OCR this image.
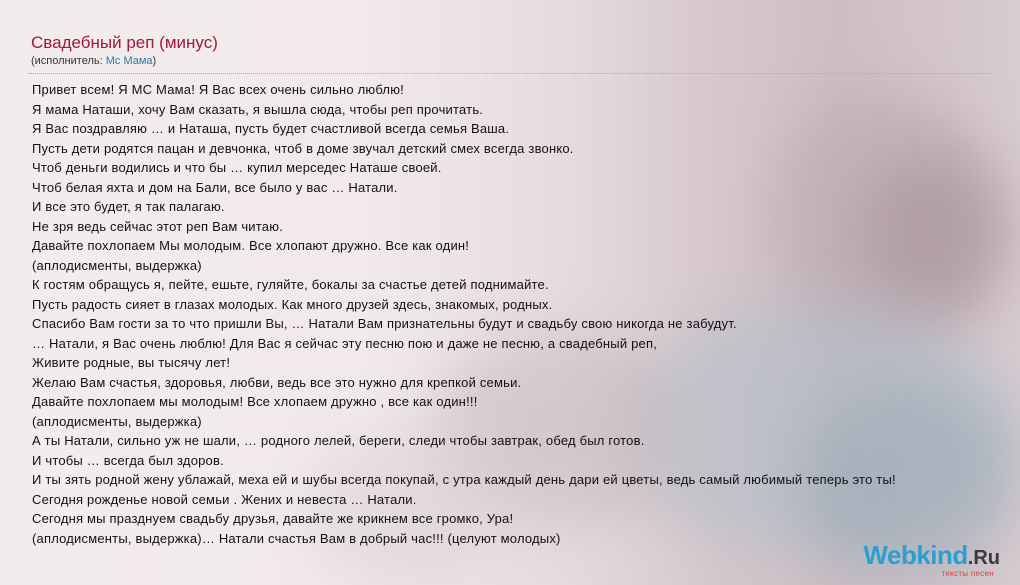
Свадебный реп (минус)
(исполнитель: Mc Мама)
Привет всем! Я МС Мама! Я Вас всех очень сильно люблю!
Я мама Наташи, хочу Вам сказать, я вышла сюда, чтобы реп прочитать.
Я Вас поздравляю … и Наташа, пусть будет счастливой всегда семья Ваша.
Пусть дети родятся пацан и девчонка, чтоб в доме звучал детский смех всегда звонко.
Чтоб деньги водились и что бы … купил мерседес Наташе своей.
Чтоб белая яхта и дом на Бали, все было у вас … Натали.
И все это будет, я так палагаю.
Не зря ведь сейчас этот реп Вам читаю.
Давайте похлопаем Мы молодым. Все хлопают дружно. Все как один!
(аплодисменты, выдержка)
К гостям обращусь я, пейте, ешьте, гуляйте, бокалы за счастье детей поднимайте.
Пусть радость сияет в глазах молодых. Как много друзей здесь, знакомых, родных.
Спасибо Вам гости за то что пришли Вы, … Натали Вам признательны будут и свадьбу свою никогда не забудут.
… Натали, я Вас очень люблю! Для Вас я сейчас эту песню пою и даже не песню, а свадебный реп,
Живите родные, вы тысячу лет!
Желаю Вам счастья, здоровья, любви, ведь все это нужно для крепкой семьи.
Давайте похлопаем мы молодым! Все хлопаем дружно , все как один!!!
(аплодисменты, выдержка)
А ты Натали, сильно уж не шали, … родного лелей, береги, следи чтобы завтрак, обед был готов.
И чтобы … всегда был здоров.
И ты зять родной жену ублажай, меха ей и шубы всегда покупай, с утра каждый день дари ей цветы, ведь самый любимый теперь это ты!
Сегодня рожденье новой семьи . Жених и невеста … Натали.
Сегодня мы празднуем свадьбу друзья, давайте же крикнем все громко, Ура!
(аплодисменты, выдержка)… Натали счастья Вам в добрый час!!! (целуют молодых)
Webkind.Ru
тексты песен
